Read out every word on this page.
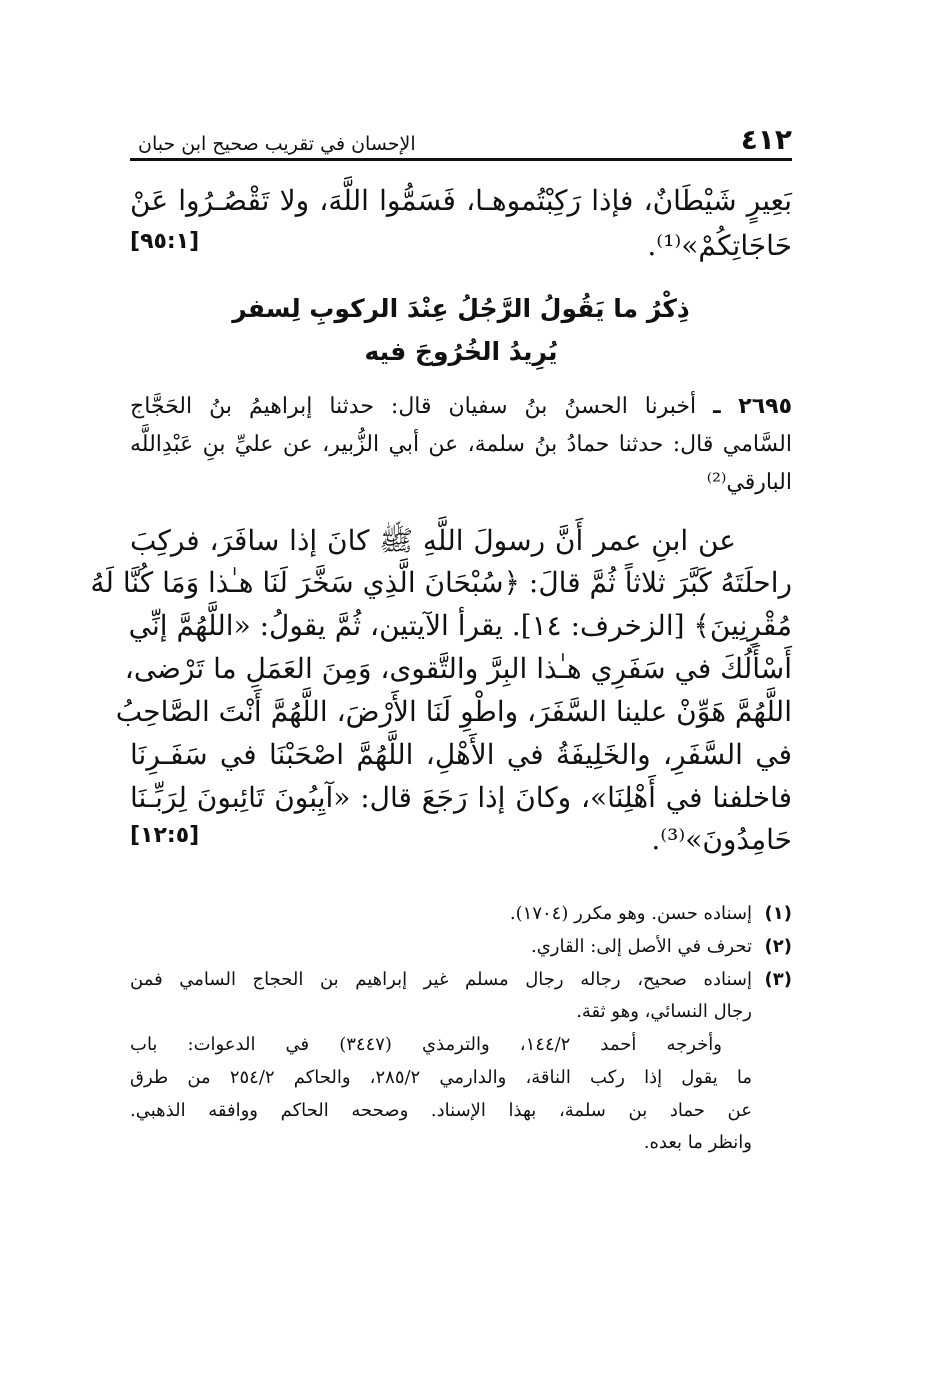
٤١٢
الإحسان في تقريب صحيح ابن حبان
بَعِيرٍ شَيْطَانٌ، فإذا رَكِبْتُموهـا، فَسَمُّوا اللَّهَ، ولا تَقْصُـرُوا عَنْ
حَاجَاتِكُمْ»⁽¹⁾.
[٩٥:١]
ذِكْرُ ما يَقُولُ الرَّجُلُ عِنْدَ الركوبِ لِسفر
يُرِيدُ الخُرُوجَ فيه
٢٦٩٥ ـ أخبرنا الحسنُ بنُ سفيان قال: حدثنا إبراهيمُ بنُ الحَجَّاج
السَّامي قال: حدثنا حمادُ بنُ سلمة، عن أبي الزُّبير، عن عليِّ بنِ عَبْدِاللَّه
البارقي⁽²⁾
عن ابنِ عمر أَنَّ رسولَ اللَّهِ ﷺ كانَ إذا سافَرَ، فركِبَ
راحلَتَهُ كَبَّرَ ثلاثاً ثُمَّ قالَ: ﴿سُبْحَانَ الَّذِي سَخَّرَ لَنَا هـٰذا وَمَا كُنَّا لَهُ
مُقْرِنِينَ﴾ [الزخرف: ١٤]. يقرأ الآيتين، ثُمَّ يقولُ: «اللَّهُمَّ إنِّي
أَسْأَلُكَ في سَفَرِي هـٰذا البِرَّ والتَّقوى، وَمِنَ العَمَلِ ما تَرْضى،
اللَّهُمَّ هَوِّنْ علينا السَّفَرَ، واطْوِ لَنَا الأَرْضَ، اللَّهُمَّ أَنْتَ الصَّاحِبُ
في السَّفَرِ، والخَلِيفَةُ في الأَهْلِ، اللَّهُمَّ اصْحَبْنَا في سَفَـرِنَا
فاخلفنا في أَهْلِنَا»، وكانَ إذا رَجَعَ قال: «آيِبُونَ تَائِبونَ لِرَبِّـنَا
حَامِدُونَ»⁽³⁾.
[١٢:٥]
(١)
إسناده حسن. وهو مكرر (١٧٠٤).
(٢)
تحرف في الأصل إلى: القاري.
(٣)
إسناده صحيح، رجاله رجال مسلم غير إبراهيم بن الحجاج السامي فمن
رجال النسائي، وهو ثقة.
وأخرجه أحمد ١٤٤/٢، والترمذي (٣٤٤٧) في الدعوات: باب
ما يقول إذا ركب الناقة، والدارمي ٢٨٥/٢، والحاكم ٢٥٤/٢ من طرق
عن حماد بن سلمة، بهذا الإسناد. وصححه الحاكم ووافقه الذهبي.
وانظر ما بعده.
